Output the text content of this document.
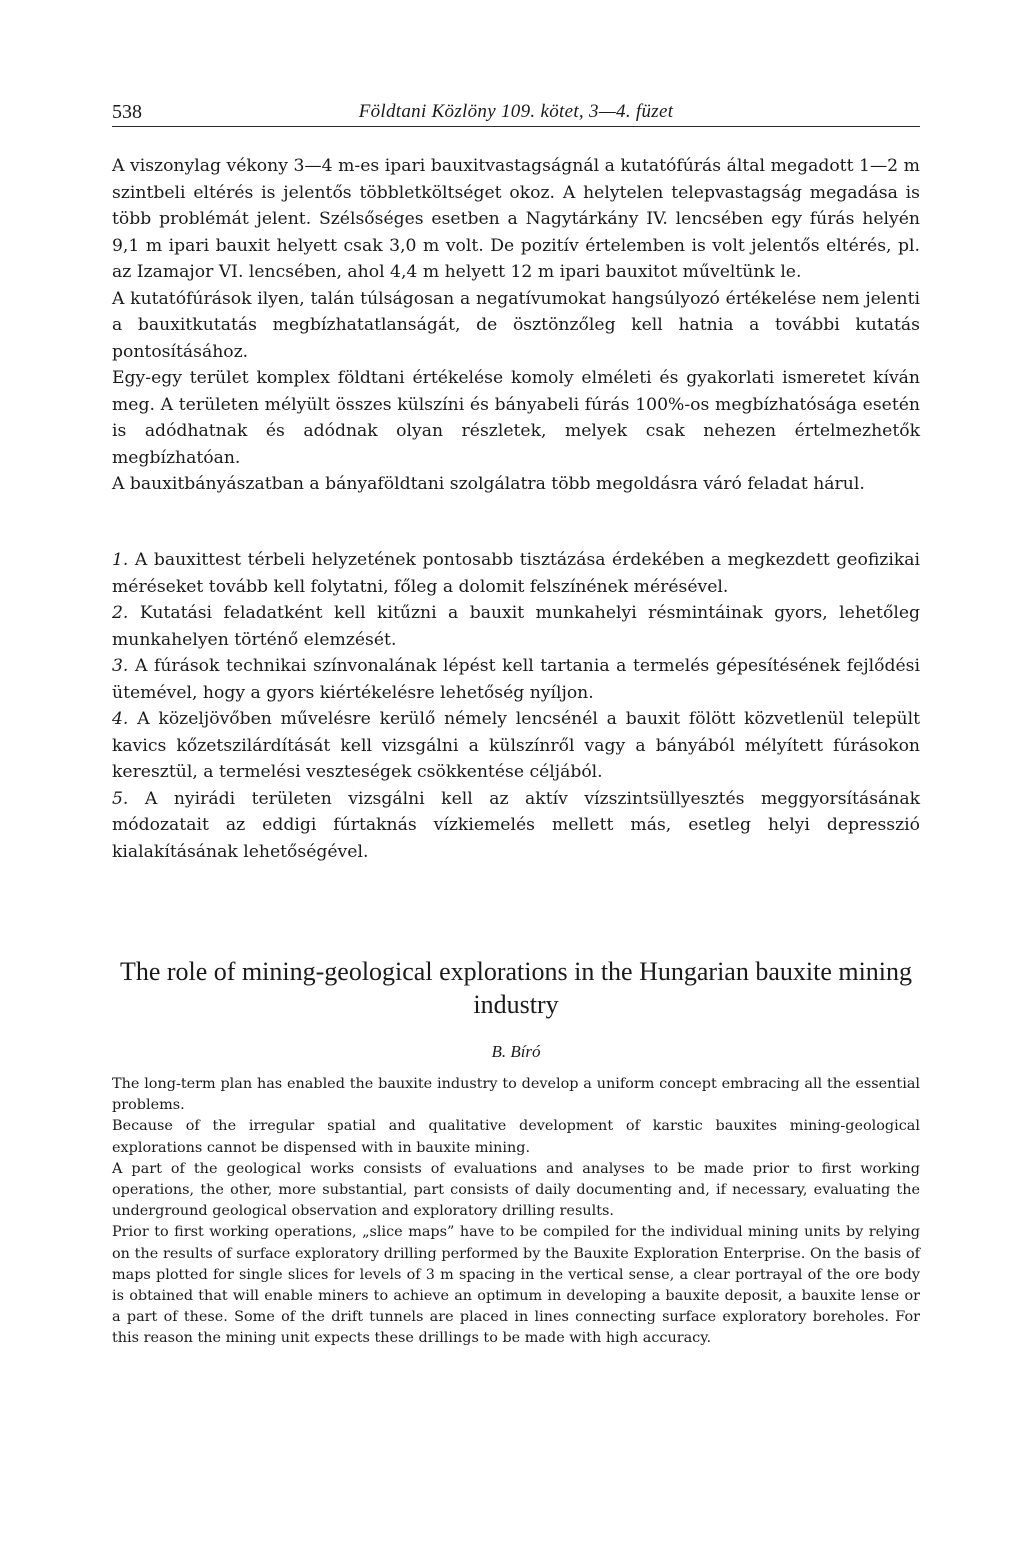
538	Földtani Közlöny 109. kötet, 3—4. füzet

A viszonylag vékony 3—4 m-es ipari bauxitvastagságnál a kutatófúrás által megadott 1—2 m szintbeli eltérés is jelentős többletköltséget okoz. A helytelen telepvastagság megadása is több problémát jelent. Szélsőséges esetben a Nagytárkány IV. lencsében egy fúrás helyén 9,1 m ipari bauxit helyett csak 3,0 m volt. De pozitív értelemben is volt jelentős eltérés, pl. az Izamajor VI. lencsében, ahol 4,4 m helyett 12 m ipari bauxitot műveltünk le.

A kutatófúrások ilyen, talán túlságosan a negatívumokat hangsúlyozó értékelése nem jelenti a bauxitkutatás megbízhatatlanságát, de ösztönzőleg kell hatnia a további kutatás pontosításához.

Egy-egy terület komplex földtani értékelése komoly elméleti és gyakorlati ismeretet kíván meg. A területen mélyült összes külszíni és bányabeli fúrás 100%-os megbízhatósága esetén is adódhatnak és adódnak olyan részletek, melyek csak nehezen értelmezhetők megbízhatóan.

A bauxitbányászatban a bányaföldtani szolgálatra több megoldásra váró feladat hárul.

1. A bauxittest térbeli helyzetének pontosabb tisztázása érdekében a megkezdett geofizikai méréseket tovább kell folytatni, főleg a dolomit felszínének mérésével.

2. Kutatási feladatként kell kitűzni a bauxit munkahelyi résmintáinak gyors, lehetőleg munkahelyen történő elemzését.

3. A fúrások technikai színvonalának lépést kell tartania a termelés gépesítésének fejlődési ütemével, hogy a gyors kiértékelésre lehetőség nyíljon.

4. A közeljövőben művelésre kerülő némely lencsénél a bauxit fölött közvetlenül települt kavics kőzetszilárdítását kell vizsgálni a külszínről vagy a bányából mélyített fúrásokon keresztül, a termelési veszteségek csökkentése céljából.

5. A nyirádi területen vizsgálni kell az aktív vízszintsüllyesztés meggyorsításának módozatait az eddigi fúrtaknás vízkiemelés mellett más, esetleg helyi depresszió kialakításának lehetőségével.

The role of mining-geological explorations in the Hungarian bauxite mining industry
B. Bíró

The long-term plan has enabled the bauxite industry to develop a uniform concept embracing all the essential problems.

Because of the irregular spatial and qualitative development of karstic bauxites mining-geological explorations cannot be dispensed with in bauxite mining.

A part of the geological works consists of evaluations and analyses to be made prior to first working operations, the other, more substantial, part consists of daily documenting and, if necessary, evaluating the underground geological observation and exploratory drilling results.

Prior to first working operations, „slice maps” have to be compiled for the individual mining units by relying on the results of surface exploratory drilling performed by the Bauxite Exploration Enterprise. On the basis of maps plotted for single slices for levels of 3 m spacing in the vertical sense, a clear portrayal of the ore body is obtained that will enable miners to achieve an optimum in developing a bauxite deposit, a bauxite lense or a part of these. Some of the drift tunnels are placed in lines connecting surface exploratory boreholes. For this reason the mining unit expects these drillings to be made with high accuracy.
